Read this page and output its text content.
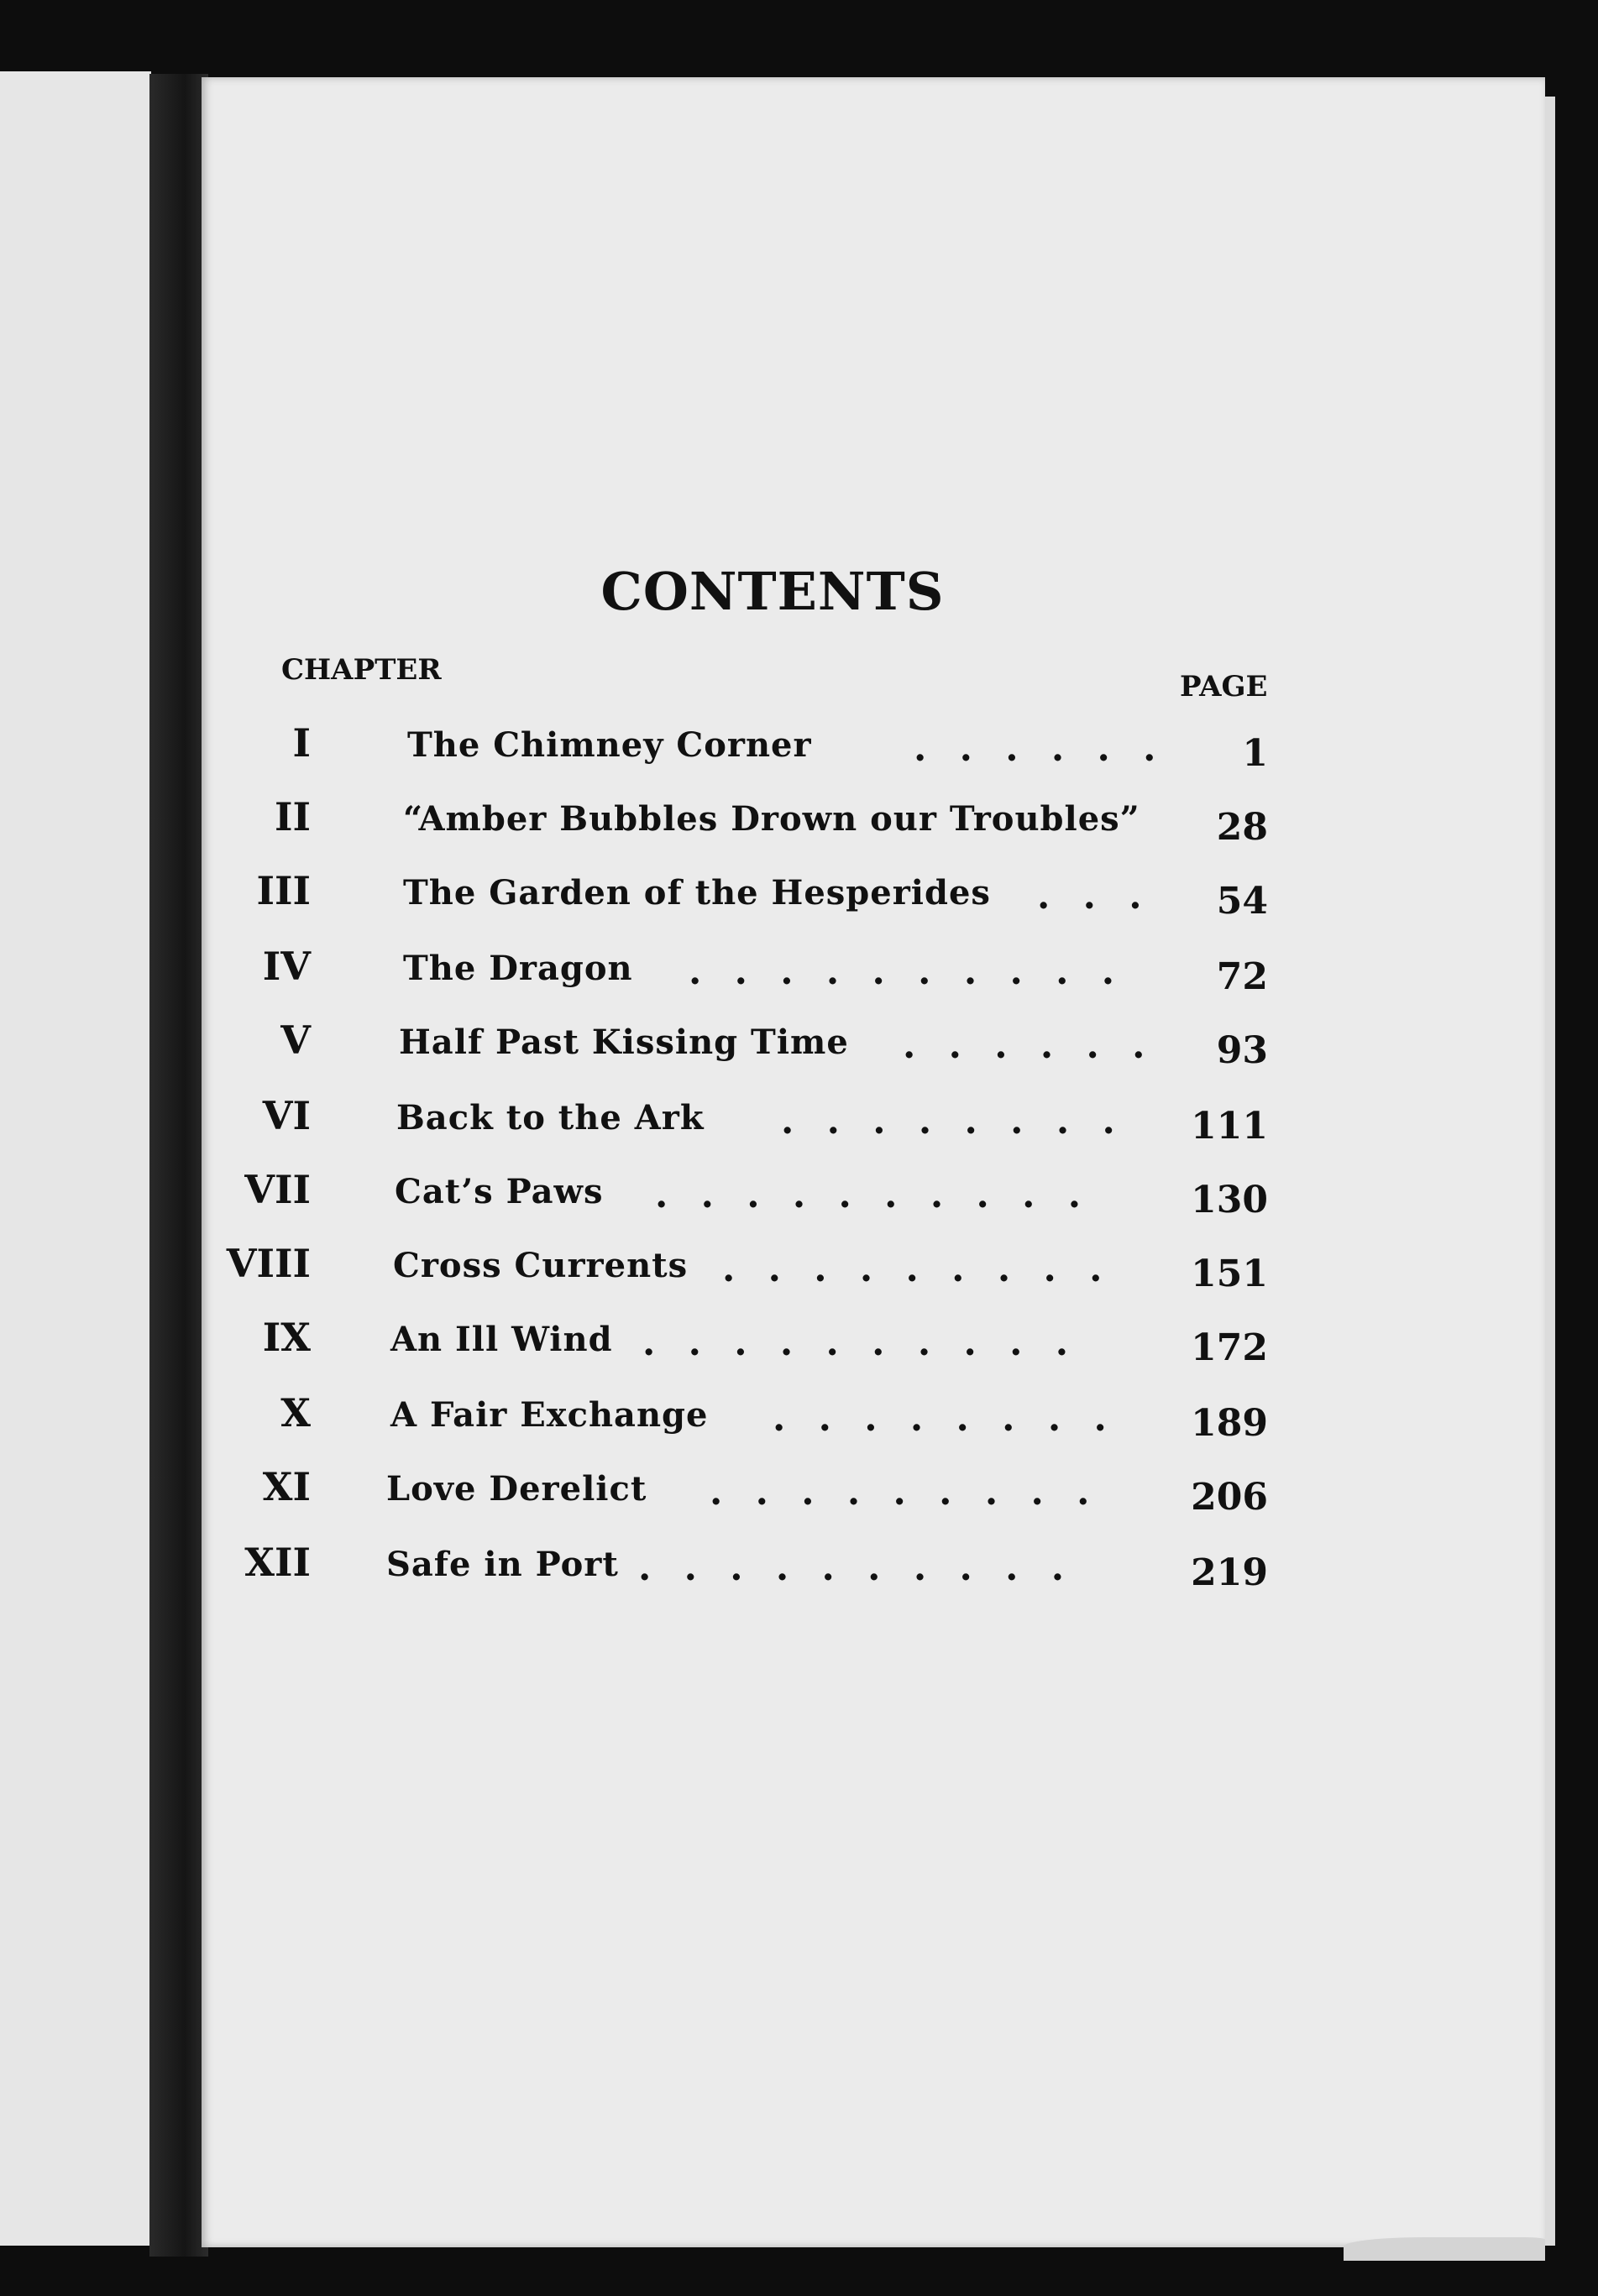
CONTENTS
CHAPTER	PAGE
I	The Chimney Corner	. . . . . . 1
II	“Amber Bubbles Drown our Troubles” 28
III	The Garden of the Hesperides . . . 54
IV	The Dragon . . . . . . . . . . 72
V	Half Past Kissing Time . . . . . . 93
VI	Back to the Ark . . . . . . . . 111
VII	Cat’s Paws . . . . . . . . . .	130
VIII Cross Currents . . . . . . . . . 151
IX An Ill Wind . . . . . . . . . .	172
X A Fair Exchange . . . . . . . . 189
XI Love Derelict . . . . . . . . . 206
XII Safe in Port . . . . . . . . . .	219
